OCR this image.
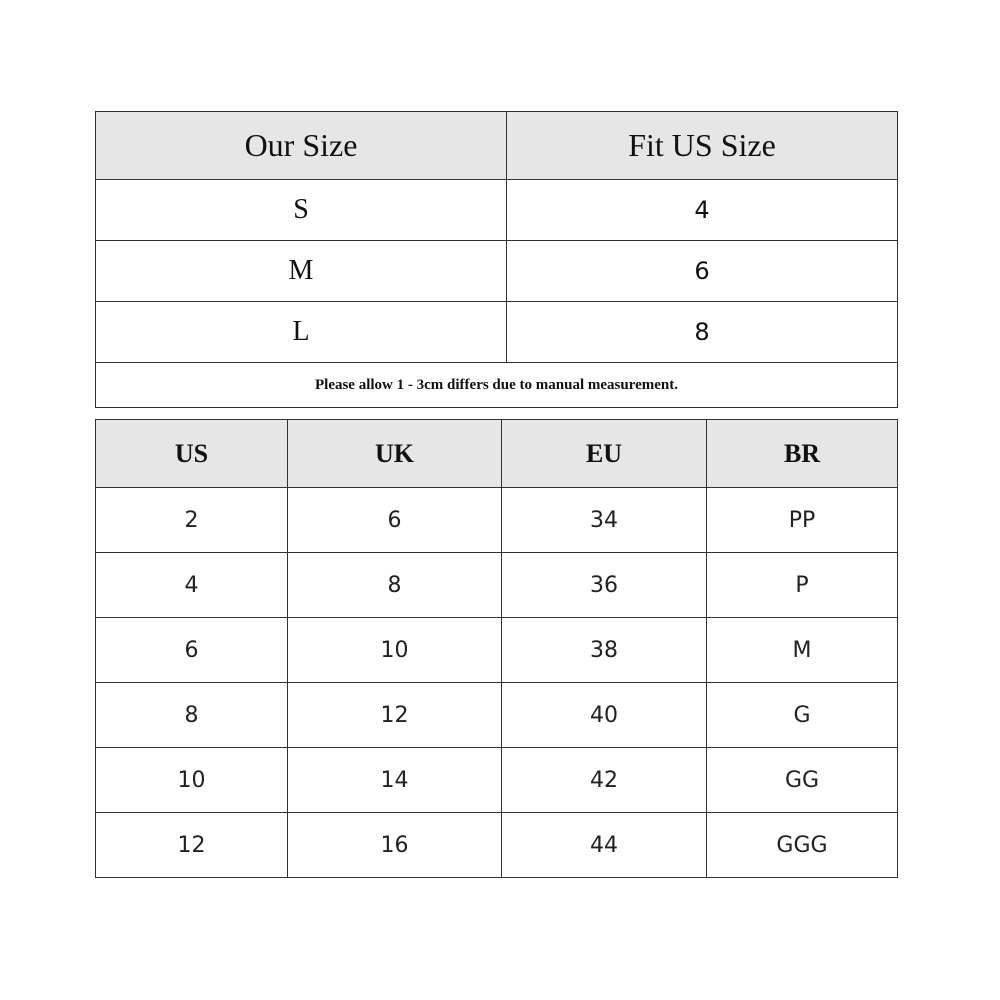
Our Size	Fit US Size
S	4
M	6
L	8
Please allow 1 - 3cm differs due to manual measurement.	
US	UK	EU	BR
2	6	34	PP
4	8	36	P
6	10	38	M
8	12	40	G
10	14	42	GG
12	16	44	GGG
